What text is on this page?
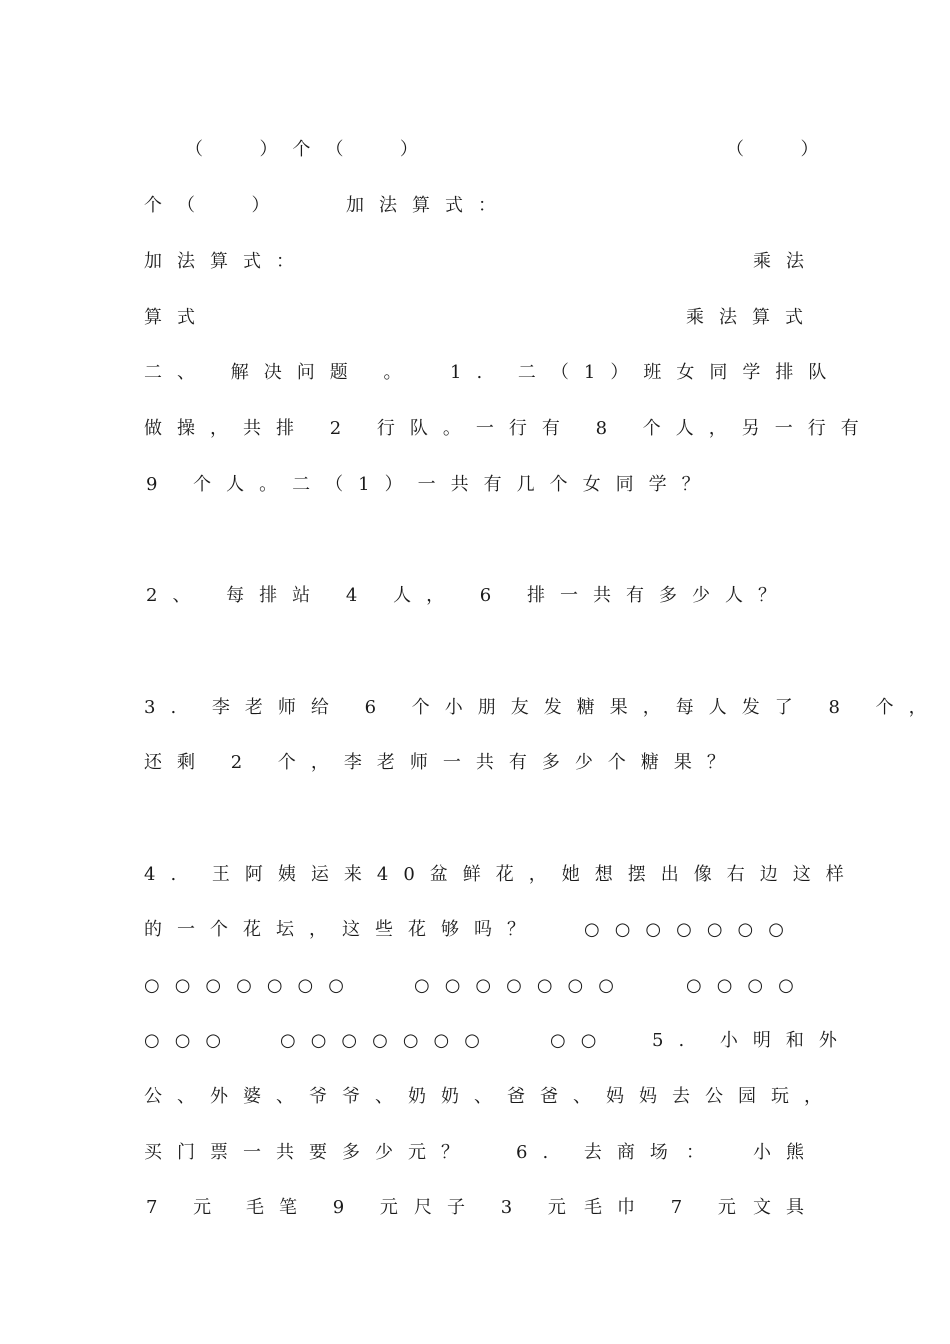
（  ）个（  ）	（  ）
个（  ）	加法算式：
加法算式：	乘法
算式	乘法算式
二、 解决问题 。 1. 二（1）班女同学排队
做操，共排 2 行队。一行有 8 个人，另一行有
9 个人。二（1）一共有几个女同学？
2、 每排站 4 人， 6 排一共有多少人？
3. 李老师给 6 个小朋友发糖果，每人发了 8 个，
还剩 2 个，李老师一共有多少个糖果？
4. 王阿姨运来40盆鲜花，她想摆出像右边这样
的一个花坛，这些花够吗？ ○○○○○○○
○○○○○○○	○○○○○○○	○○○○
○○○ ○○○○○○○	○○ 5. 小明和外
公、外婆、爷爷、奶奶、爸爸、妈妈去公园玩，
买门票一共要多少元？ 6. 去商场 ： 小熊
7 元 毛笔 9 元 尺子 3 元 毛巾 7 元 文具
